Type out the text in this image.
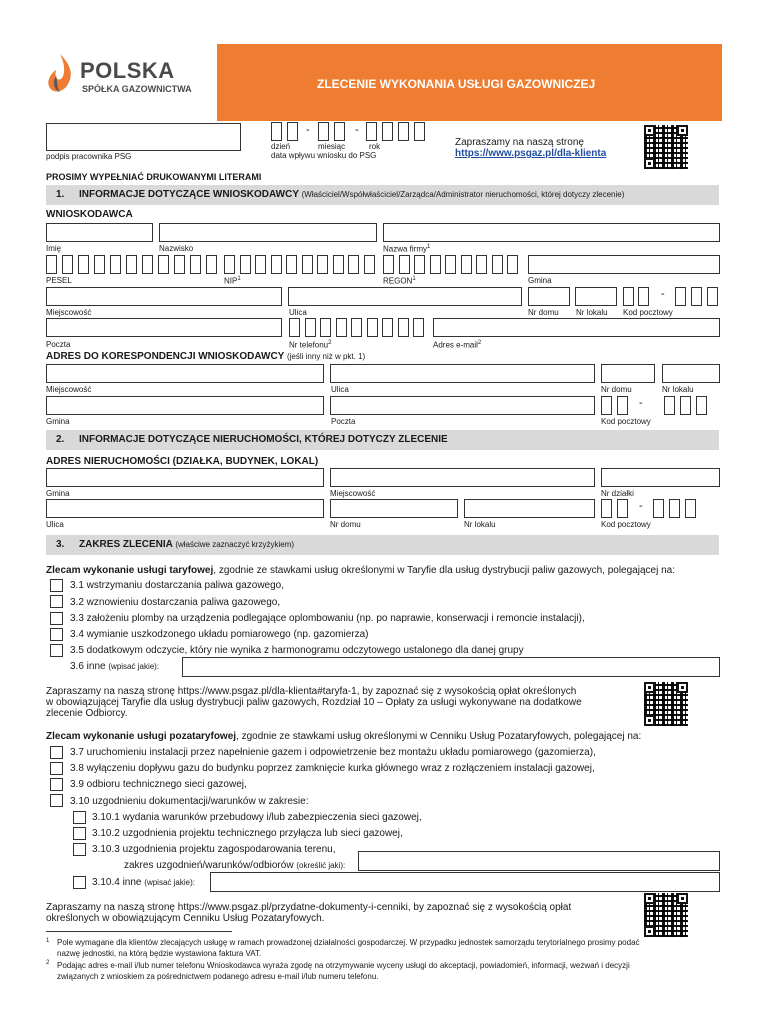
POLSKA
SPÓŁKA GAZOWNICTWA	ZLECENIE WYKONANIA USŁUGI GAZOWNICZEJ
podpis pracownika PSG
-	-
dzień	miesiąc	rok
data wpływu wniosku do PSG
Zapraszamy na naszą stronę
https://www.psgaz.pl/dla-klienta
PROSIMY WYPEŁNIAĆ DRUKOWANYMI LITERAMI
1. INFORMACJE DOTYCZĄCE WNIOSKODAWCY (Właściciel/Współwłaściciel/Zarządca/Administrator nieruchomości, której dotyczy zlecenie)
WNIOSKODAWCA
Imię	Nazwisko	Nazwa firmy$^1$
PESEL	NIP$^1$	REGON$^1$	Gmina
-
Miejscowość	Ulica	Nr domu Nr lokalu Kod pocztowy
Poczta	Nr telefonu$^2$	Adres e-mail$^2$
ADRES DO KORESPONDENCJI WNIOSKODAWCY (jeśli inny niż w pkt. 1)
Miejscowość	Ulica	Nr domu	Nr lokalu
-
Gmina	Poczta	Kod pocztowy
2. INFORMACJE DOTYCZĄCE NIERUCHOMOŚCI, KTÓREJ DOTYCZY ZLECENIE
ADRES NIERUCHOMOŚCI (DZIAŁKA, BUDYNEK, LOKAL)
Gmina	Miejscowość	Nr działki
-
Ulica	Nr domu	Nr lokalu	Kod pocztowy
3. ZAKRES ZLECENIA (właściwe zaznaczyć krzyżykiem)
Zlecam wykonanie usługi taryfowej, zgodnie ze stawkami usług określonymi w Taryfie dla usług dystrybucji paliw gazowych, polegającej na:
3.1 wstrzymaniu dostarczania paliwa gazowego,
3.2 wznowieniu dostarczania paliwa gazowego,
3.3 założeniu plomby na urządzenia podlegające oplombowaniu (np. po naprawie, konserwacji i remoncie instalacji),
3.4 wymianie uszkodzonego układu pomiarowego (np. gazomierza)
3.5 dodatkowym odczycie, który nie wynika z harmonogramu odczytowego ustalonego dla danej grupy
3.6 inne (wpisać jakie):
Zapraszamy na naszą stronę https://www.psgaz.pl/dla-klienta#taryfa-1, by zapoznać się z wysokością opłat określonych
w obowiązującej Taryfie dla usług dystrybucji paliw gazowych, Rozdział 10 – Opłaty za usługi wykonywane na dodatkowe
zlecenie Odbiorcy.
Zlecam wykonanie usługi pozataryfowej, zgodnie ze stawkami usług określonymi w Cenniku Usług Pozataryfowych, polegającej na:
3.7 uruchomieniu instalacji przez napełnienie gazem i odpowietrzenie bez montażu układu pomiarowego (gazomierza),
3.8 wyłączeniu dopływu gazu do budynku poprzez zamknięcie kurka głównego wraz z rozłączeniem instalacji gazowej,
3.9 odbioru technicznego sieci gazowej,
3.10 uzgodnieniu dokumentacji/warunków w zakresie:
3.10.1 wydania warunków przebudowy i/lub zabezpieczenia sieci gazowej,
3.10.2 uzgodnienia projektu technicznego przyłącza lub sieci gazowej,
3.10.3 uzgodnienia projektu zagospodarowania terenu,
zakres uzgodnień/warunków/odbiorów (określić jaki):
3.10.4 inne (wpisać jakie):
Zapraszamy na naszą stronę https://www.psgaz.pl/przydatne-dokumenty-i-cenniki, by zapoznać się z wysokością opłat
określonych w obowiązującym Cenniku Usług Pozataryfowych.
1 Pole wymagane dla klientów zlecających usługę w ramach prowadzonej działalności gospodarczej. W przypadku jednostek samorządu terytorialnego prosimy podać
nazwę jednostki, na którą będzie wystawiona faktura VAT.
2 Podając adres e-mail i/lub numer telefonu Wnioskodawca wyraża zgodę na otrzymywanie wyceny usługi do akceptacji, powiadomień, informacji, wezwań i decyzji
związanych z wnioskiem za pośrednictwem podanego adresu e-mail i/lub numeru telefonu.
